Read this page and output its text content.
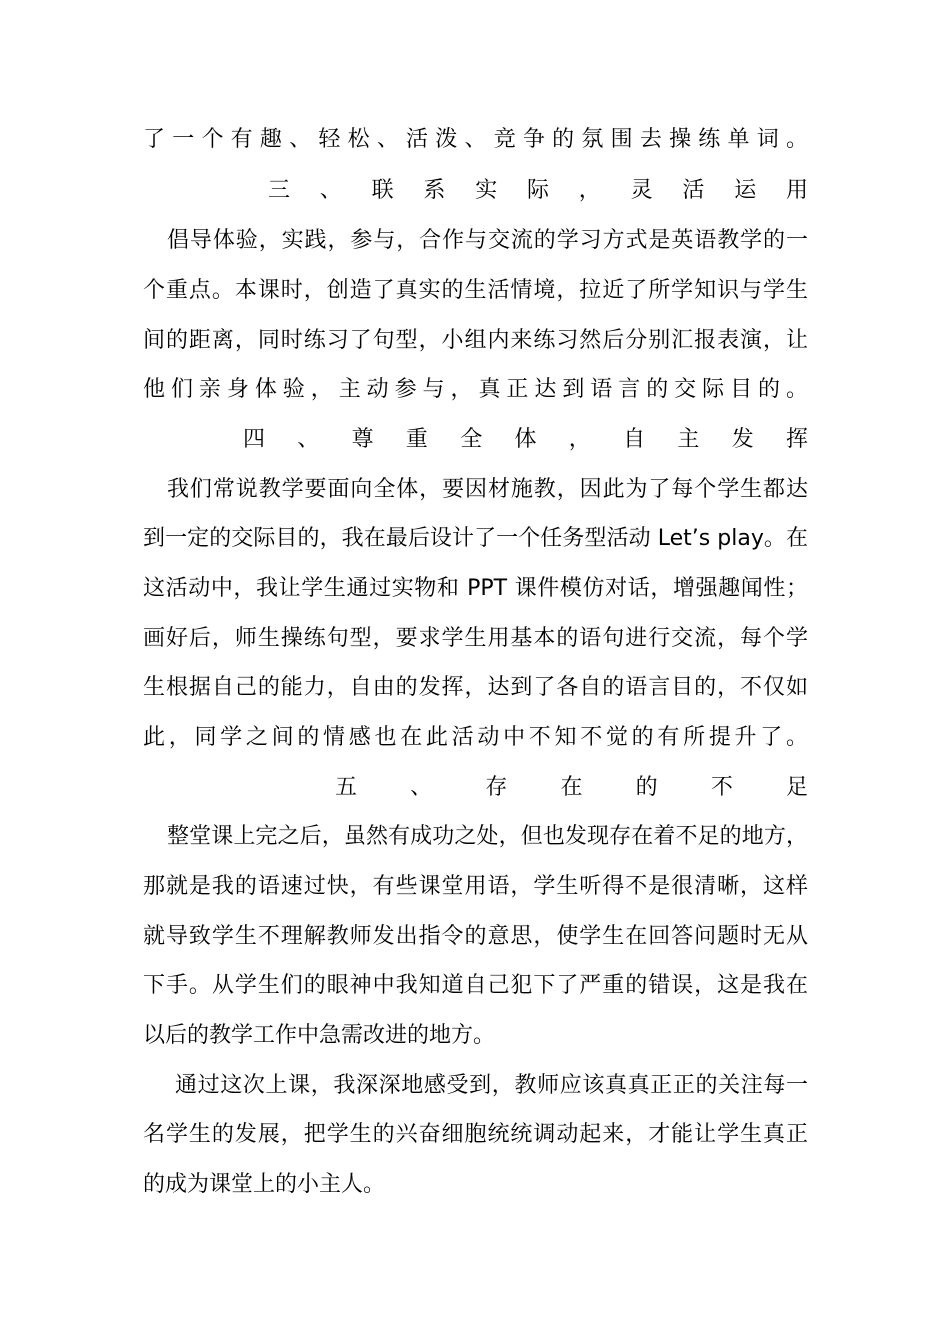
了一个有趣、轻松、活泼、竞争的氛围去操练单词。
三 、 联 系 实 际 ， 灵 活 运 用
倡导体验，实践，参与，合作与交流的学习方式是英语教学的一
个重点。本课时，创造了真实的生活情境，拉近了所学知识与学生
间的距离，同时练习了句型，小组内来练习然后分别汇报表演，让
他们亲身体验，主动参与，真正达到语言的交际目的。
四 、 尊 重 全 体 ， 自 主 发 挥
我们常说教学要面向全体，要因材施教，因此为了每个学生都达
到一定的交际目的，我在最后设计了一个任务型活动 Let’s play。在
这活动中，我让学生通过实物和 PPT 课件模仿对话，增强趣闻性；
画好后，师生操练句型，要求学生用基本的语句进行交流，每个学
生根据自己的能力，自由的发挥，达到了各自的语言目的，不仅如
此，同学之间的情感也在此活动中不知不觉的有所提升了。
五 、 存 在 的 不 足
整堂课上完之后，虽然有成功之处，但也发现存在着不足的地方，
那就是我的语速过快，有些课堂用语，学生听得不是很清晰，这样
就导致学生不理解教师发出指令的意思，使学生在回答问题时无从
下手。从学生们的眼神中我知道自己犯下了严重的错误，这是我在
以后的教学工作中急需改进的地方。
通过这次上课，我深深地感受到，教师应该真真正正的关注每一
名学生的发展，把学生的兴奋细胞统统调动起来，才能让学生真正
的成为课堂上的小主人。
